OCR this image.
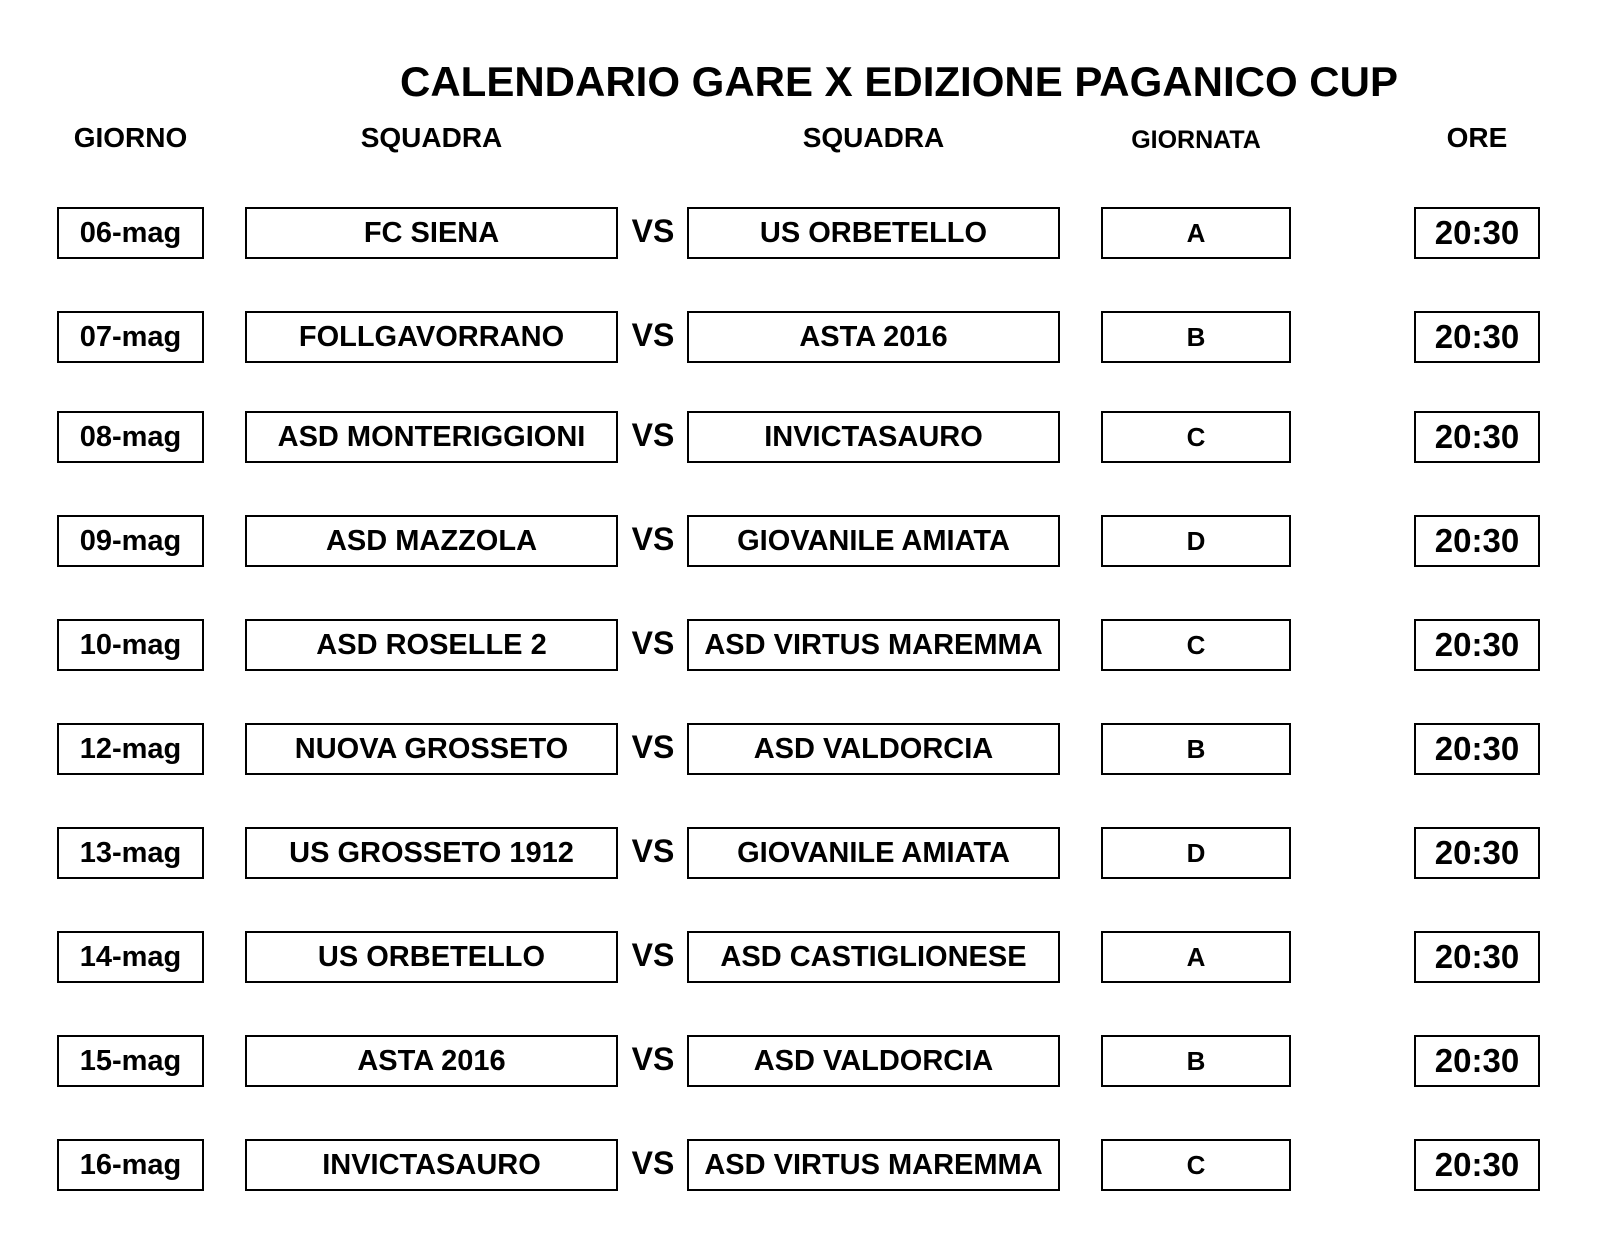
CALENDARIO GARE X EDIZIONE PAGANICO CUP
GIORNO	SQUADRA	SQUADRA	GIORNATA	ORE
06-mag	FC SIENA	VS	US ORBETELLO	A	20:30
07-mag	FOLLGAVORRANO	VS	ASTA 2016	B	20:30
08-mag	ASD MONTERIGGIONI	VS	INVICTASAURO	C	20:30
09-mag	ASD MAZZOLA	VS	GIOVANILE AMIATA	D	20:30
10-mag	ASD ROSELLE 2	VS	ASD VIRTUS MAREMMA	C	20:30
12-mag	NUOVA GROSSETO	VS	ASD VALDORCIA	B	20:30
13-mag	US GROSSETO 1912	VS	GIOVANILE AMIATA	D	20:30
14-mag	US ORBETELLO	VS	ASD CASTIGLIONESE	A	20:30
15-mag	ASTA 2016	VS	ASD VALDORCIA	B	20:30
16-mag	INVICTASAURO	VS	ASD VIRTUS MAREMMA	C	20:30
